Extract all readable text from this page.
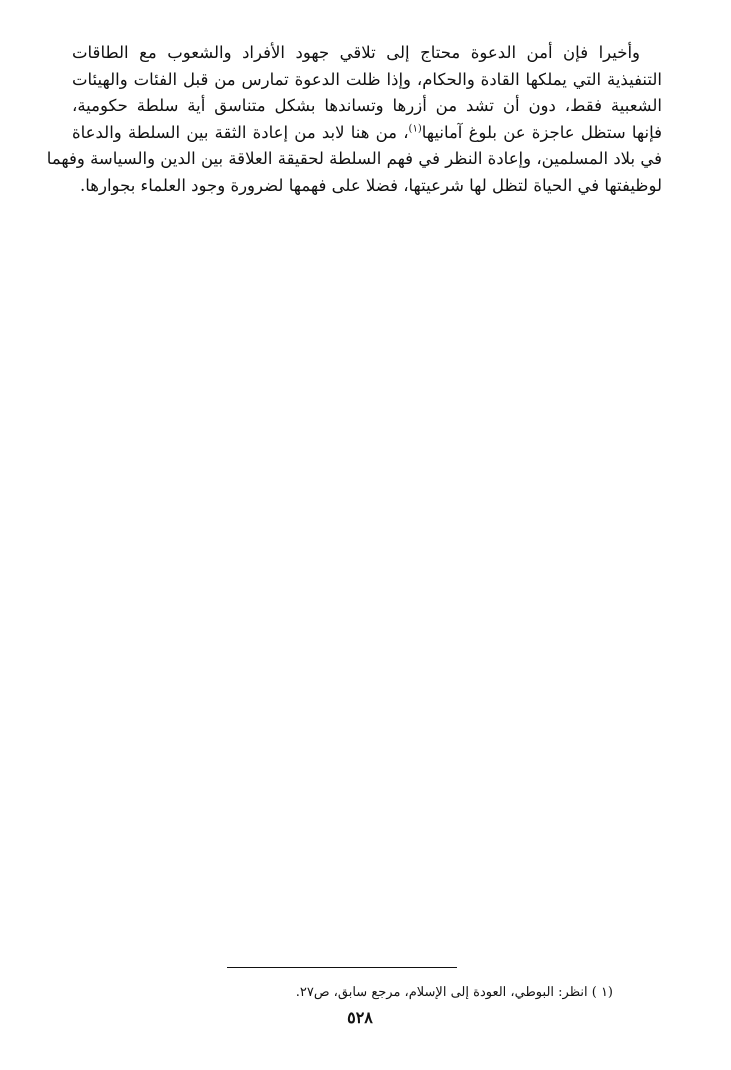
وأخيرا فإن أمن الدعوة محتاج إلى تلاقي جهود الأفراد والشعوب مع الطاقات
التنفيذية التي يملكها القادة والحكام، وإذا ظلت الدعوة تمارس من قبل الفئات والهيئات
الشعبية فقط، دون أن تشد من أزرها وتساندها بشكل متناسق أية سلطة حكومية،
فإنها ستظل عاجزة عن بلوغ آمانيها$^{(١)}$، من هنا لابد من إعادة الثقة بين السلطة والدعاة
في بلاد المسلمين، وإعادة النظر في فهم السلطة لحقيقة العلاقة بين الدين والسياسة وفهما
لوظيفتها في الحياة لتظل لها شرعيتها، فضلا على فهمها لضرورة وجود العلماء بجوارها.
(١ ) انظر: البوطي، العودة إلى الإسلام، مرجع سابق، ص٢٧.
٥٢٨
